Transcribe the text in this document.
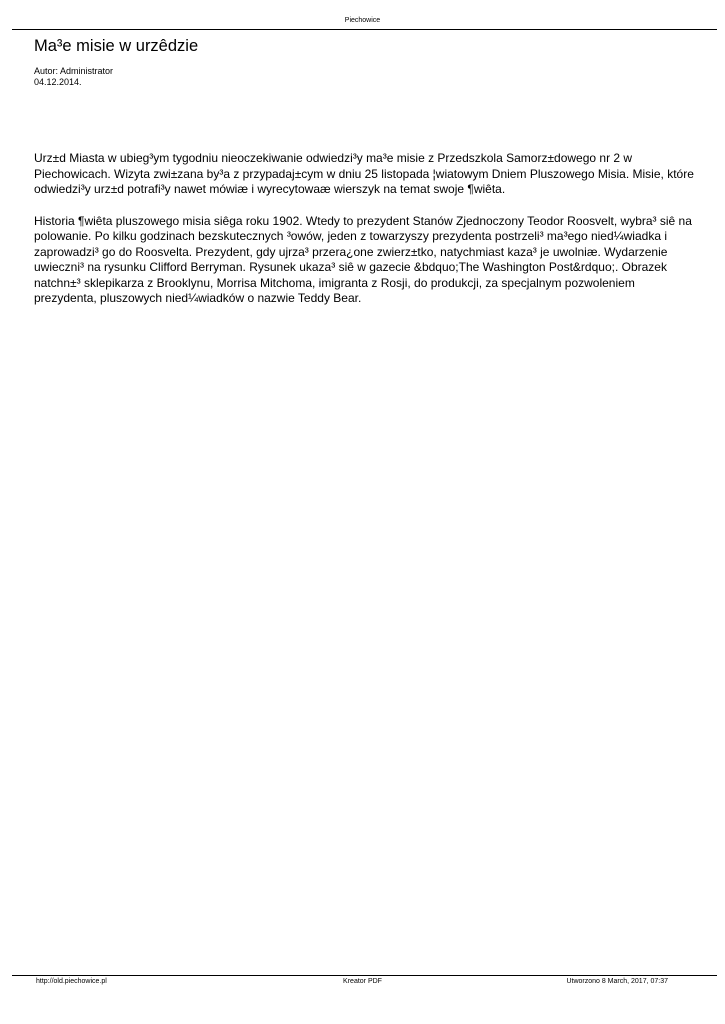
Piechowice
Ma³e misie w urzêdzie
Autor: Administrator
04.12.2014.

Urz±d Miasta w ubieg³ym tygodniu nieoczekiwanie odwiedzi³y ma³e misie z Przedszkola Samorz±dowego nr 2 w Piechowicach. Wizyta zwi±zana by³a z przypadaj±cym w dniu 25 listopada ¦wiatowym Dniem Pluszowego Misia. Misie, które odwiedzi³y urz±d potrafi³y nawet mówiæ i wyrecytowaæ wierszyk na temat swoje ¶wiêta.

Historia ¶wiêta pluszowego misia siêga roku 1902. Wtedy to prezydent Stanów Zjednoczony Teodor Roosvelt, wybra³ siê na polowanie. Po kilku godzinach bezskutecznych ³owów, jeden z towarzyszy prezydenta postrzeli³ ma³ego nied¼wiadka i zaprowadzi³ go do Roosvelta. Prezydent, gdy ujrza³ przera¿one zwierz±tko, natychmiast kaza³ je uwolniæ. Wydarzenie uwieczni³ na rysunku Clifford Berryman. Rysunek ukaza³ siê w gazecie &bdquo;The Washington Post&rdquo;. Obrazek natchn±³ sklepikarza z Brooklynu, Morrisa Mitchoma, imigranta z Rosji, do produkcji, za specjalnym pozwoleniem prezydenta, pluszowych nied¼wiadków o nazwie Teddy Bear.

http://old.piechowice.pl	Kreator PDF	Utworzono 8 March, 2017, 07:37
